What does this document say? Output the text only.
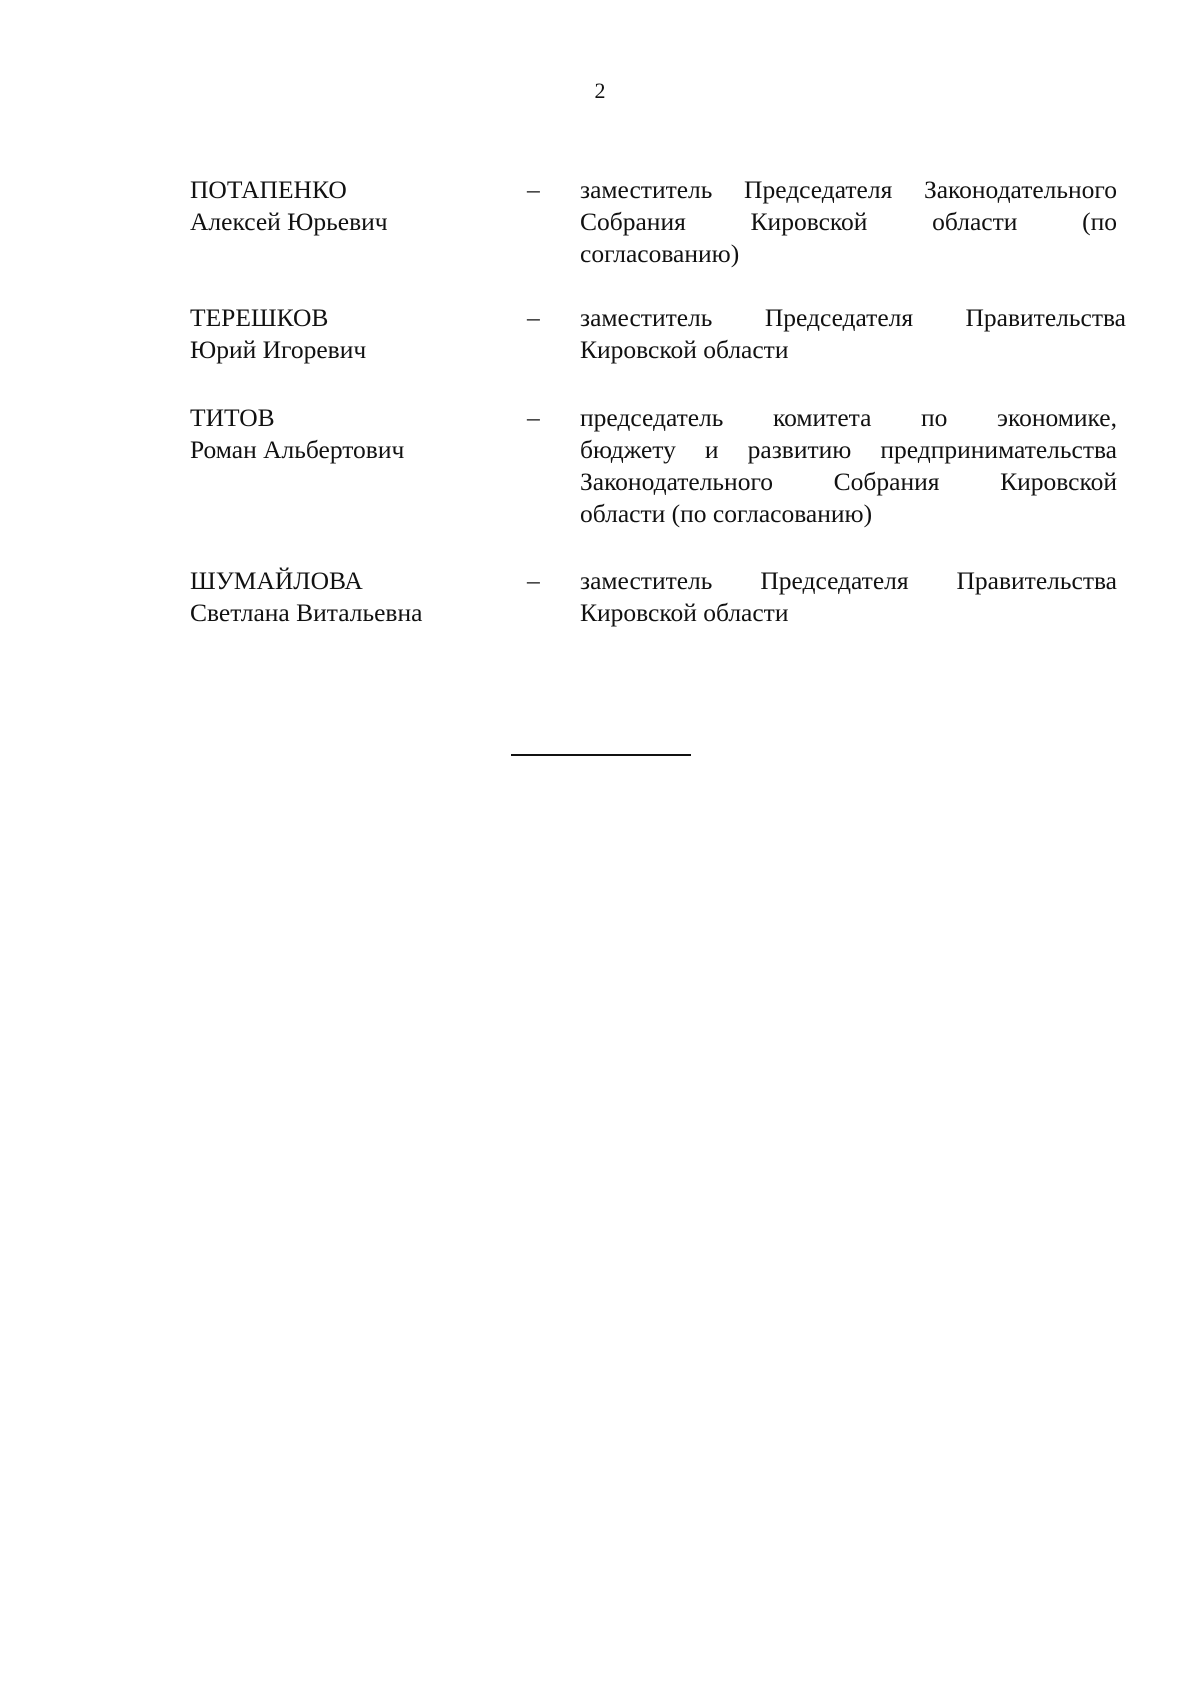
2
ПОТАПЕНКО
Алексей Юрьевич
– заместитель Председателя Законодательного
Собрания Кировской области (по
согласованию)
ТЕРЕШКОВ
Юрий Игоревич
– заместитель Председателя Правительства
Кировской области
ТИТОВ
Роман Альбертович
– председатель комитета по экономике,
бюджету и развитию предпринимательства
Законодательного Собрания Кировской
области (по согласованию)
ШУМАЙЛОВА
Светлана Витальевна
– заместитель Председателя Правительства
Кировской области
